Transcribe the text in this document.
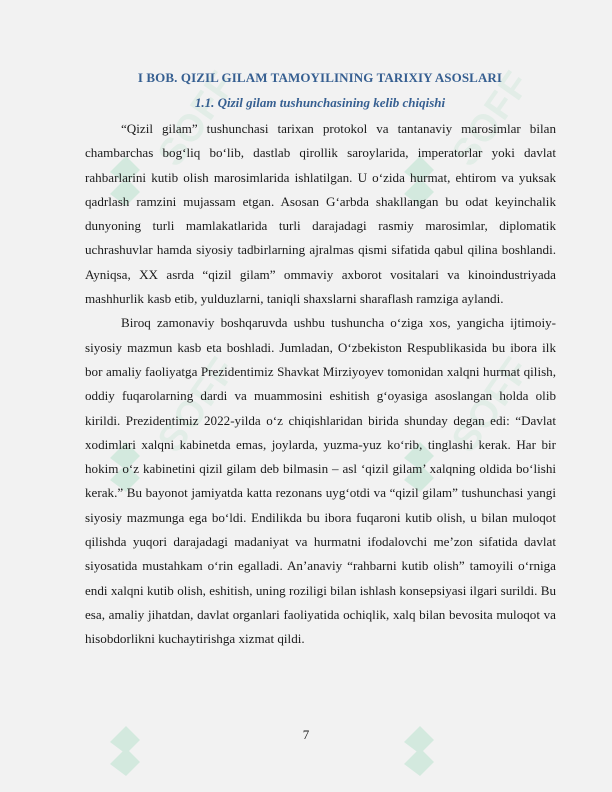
SOFF	SOFF
SOFF	SOFF
I BOB. QIZIL GILAM TAMOYILINING TARIXIY ASOSLARI
1.1. Qizil gilam tushunchasining kelib chiqishi

“Qizil gilam” tushunchasi tarixan protokol va tantanaviy marosimlar bilan chambarchas bog‘liq bo‘lib, dastlab qirollik saroylarida, imperatorlar yoki davlat rahbarlarini kutib olish marosimlarida ishlatilgan. U o‘zida hurmat, ehtirom va yuksak qadrlash ramzini mujassam etgan. Asosan G‘arbda shakllangan bu odat keyinchalik dunyoning turli mamlakatlarida turli darajadagi rasmiy marosimlar, diplomatik uchrashuvlar hamda siyosiy tadbirlarning ajralmas qismi sifatida qabul qilina boshlandi. Ayniqsa, XX asrda “qizil gilam” ommaviy axborot vositalari va kinoindustriyada mashhurlik kasb etib, yulduzlarni, taniqli shaxslarni sharaflash ramziga aylandi.

Biroq zamonaviy boshqaruvda ushbu tushuncha o‘ziga xos, yangicha ijtimoiy-siyosiy mazmun kasb eta boshladi. Jumladan, O‘zbekiston Respublikasida bu ibora ilk bor amaliy faoliyatga Prezidentimiz Shavkat Mirziyoyev tomonidan xalqni hurmat qilish, oddiy fuqarolarning dardi va muammosini eshitish g‘oyasiga asoslangan holda olib kirildi. Prezidentimiz 2022-yilda o‘z chiqishlaridan birida shunday degan edi: “Davlat xodimlari xalqni kabinetda emas, joylarda, yuzma-yuz ko‘rib, tinglashi kerak. Har bir hokim o‘z kabinetini qizil gilam deb bilmasin – asl ‘qizil gilam’ xalqning oldida bo‘lishi kerak.” Bu bayonot jamiyatda katta rezonans uyg‘otdi va “qizil gilam” tushunchasi yangi siyosiy mazmunga ega bo‘ldi. Endilikda bu ibora fuqaroni kutib olish, u bilan muloqot qilishda yuqori darajadagi madaniyat va hurmatni ifodalovchi me’zon sifatida davlat siyosatida mustahkam o‘rin egalladi. An’anaviy “rahbarni kutib olish” tamoyili o‘rniga endi xalqni kutib olish, eshitish, uning roziligi bilan ishlash konsepsiyasi ilgari surildi. Bu esa, amaliy jihatdan, davlat organlari faoliyatida ochiqlik, xalq bilan bevosita muloqot va hisobdorlikni kuchaytirishga xizmat qildi.

7
